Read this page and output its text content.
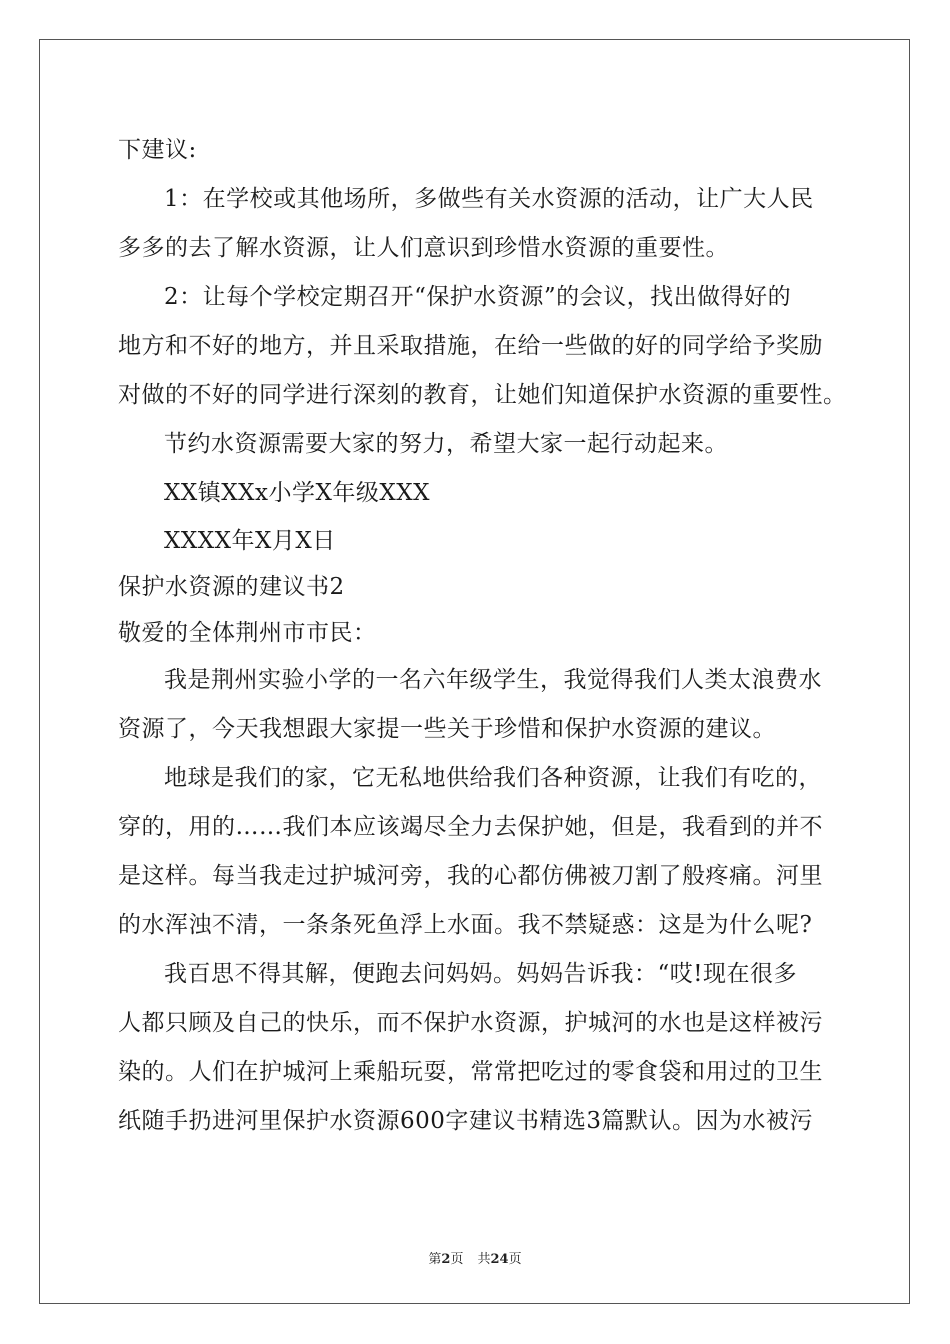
下建议:
1：在学校或其他场所，多做些有关水资源的活动，让广大人民
多多的去了解水资源，让人们意识到珍惜水资源的重要性。
2：让每个学校定期召开“保护水资源”的会议，找出做得好的
地方和不好的地方，并且采取措施，在给一些做的好的同学给予奖励
对做的不好的同学进行深刻的教育，让她们知道保护水资源的重要性。
节约水资源需要大家的努力，希望大家一起行动起来。
XX镇XXx小学X年级XXX
XXXX年X月X日
保护水资源的建议书2
敬爱的全体荆州市市民：
我是荆州实验小学的一名六年级学生，我觉得我们人类太浪费水
资源了，今天我想跟大家提一些关于珍惜和保护水资源的建议。
地球是我们的家，它无私地供给我们各种资源，让我们有吃的，
穿的，用的……我们本应该竭尽全力去保护她，但是，我看到的并不
是这样。每当我走过护城河旁，我的心都仿佛被刀割了般疼痛。河里
的水浑浊不清，一条条死鱼浮上水面。我不禁疑惑：这是为什么呢?
我百思不得其解，便跑去问妈妈。妈妈告诉我：“哎!现在很多
人都只顾及自己的快乐，而不保护水资源，护城河的水也是这样被污
染的。人们在护城河上乘船玩耍，常常把吃过的零食袋和用过的卫生
纸随手扔进河里保护水资源600字建议书精选3篇默认。因为水被污
第2页 共24页
